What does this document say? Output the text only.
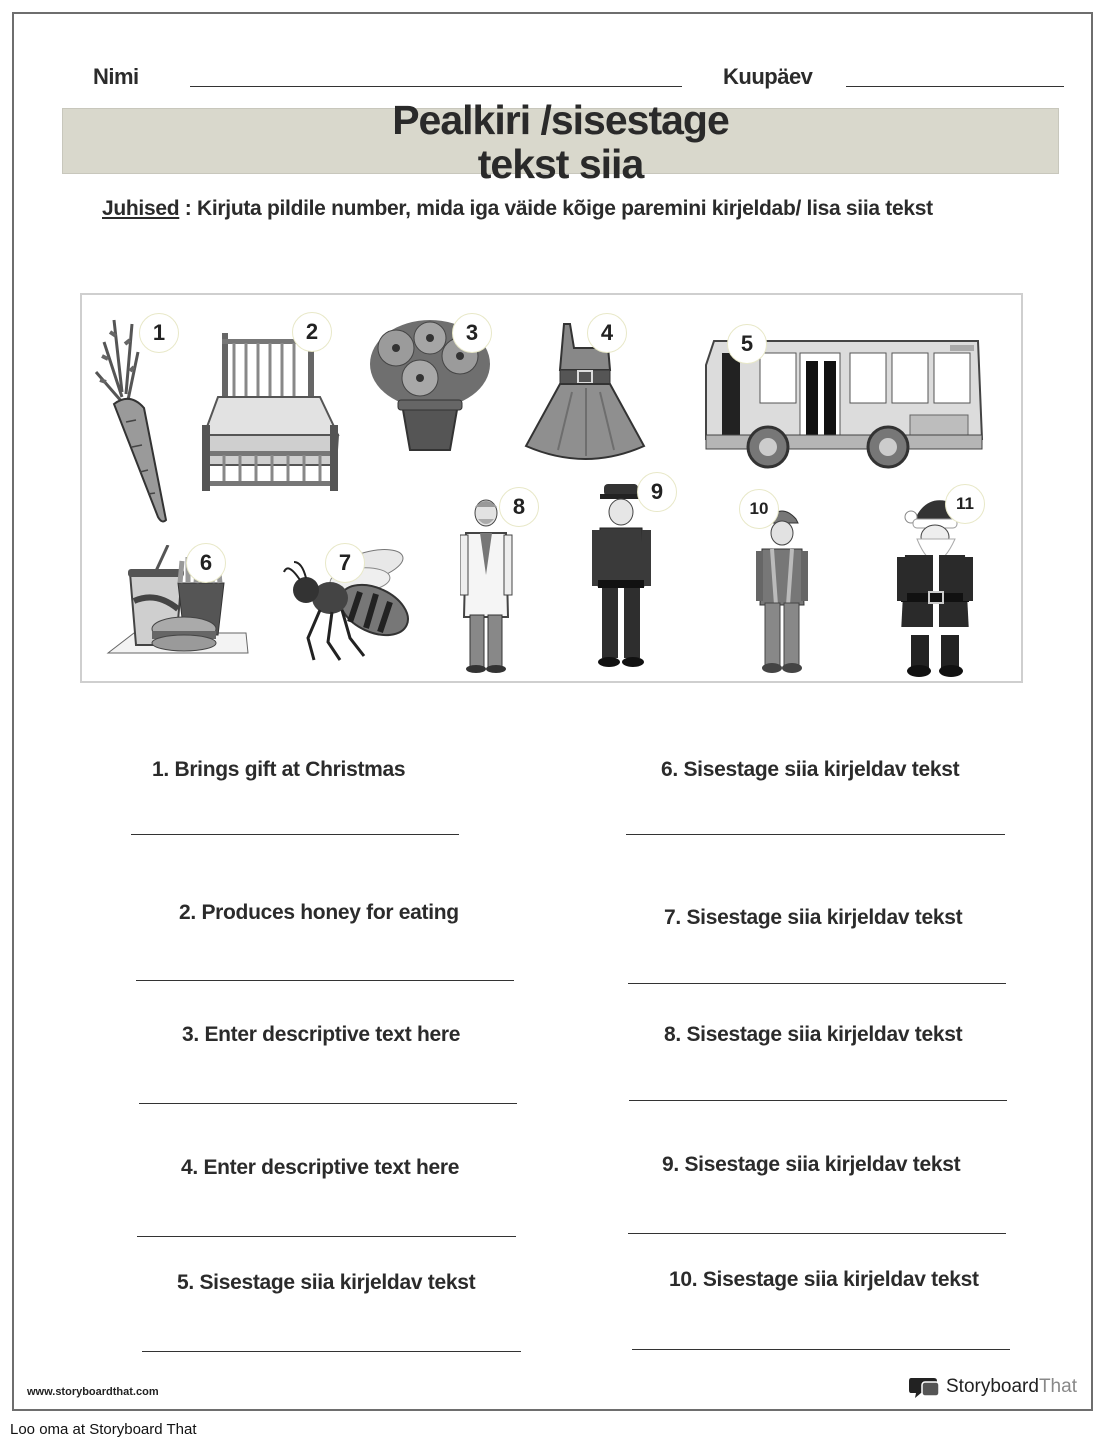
Nimi	Kuupäev
Pealkiri /sisestage
tekst siia
Juhised : Kirjuta pildile number, mida iga väide kõige paremini kirjeldab/ lisa siia tekst
1	2	3	4	5
6	7
8
9
10	11
1. Brings gift at Christmas
2. Produces honey for eating
3. Enter descriptive text here
4. Enter descriptive text here
5. Sisestage siia kirjeldav tekst
6. Sisestage siia kirjeldav tekst
7. Sisestage siia kirjeldav tekst
8. Sisestage siia kirjeldav tekst
9. Sisestage siia kirjeldav tekst
10. Sisestage siia kirjeldav tekst
www.storyboardthat.com	StoryboardThat
Loo oma at Storyboard That
